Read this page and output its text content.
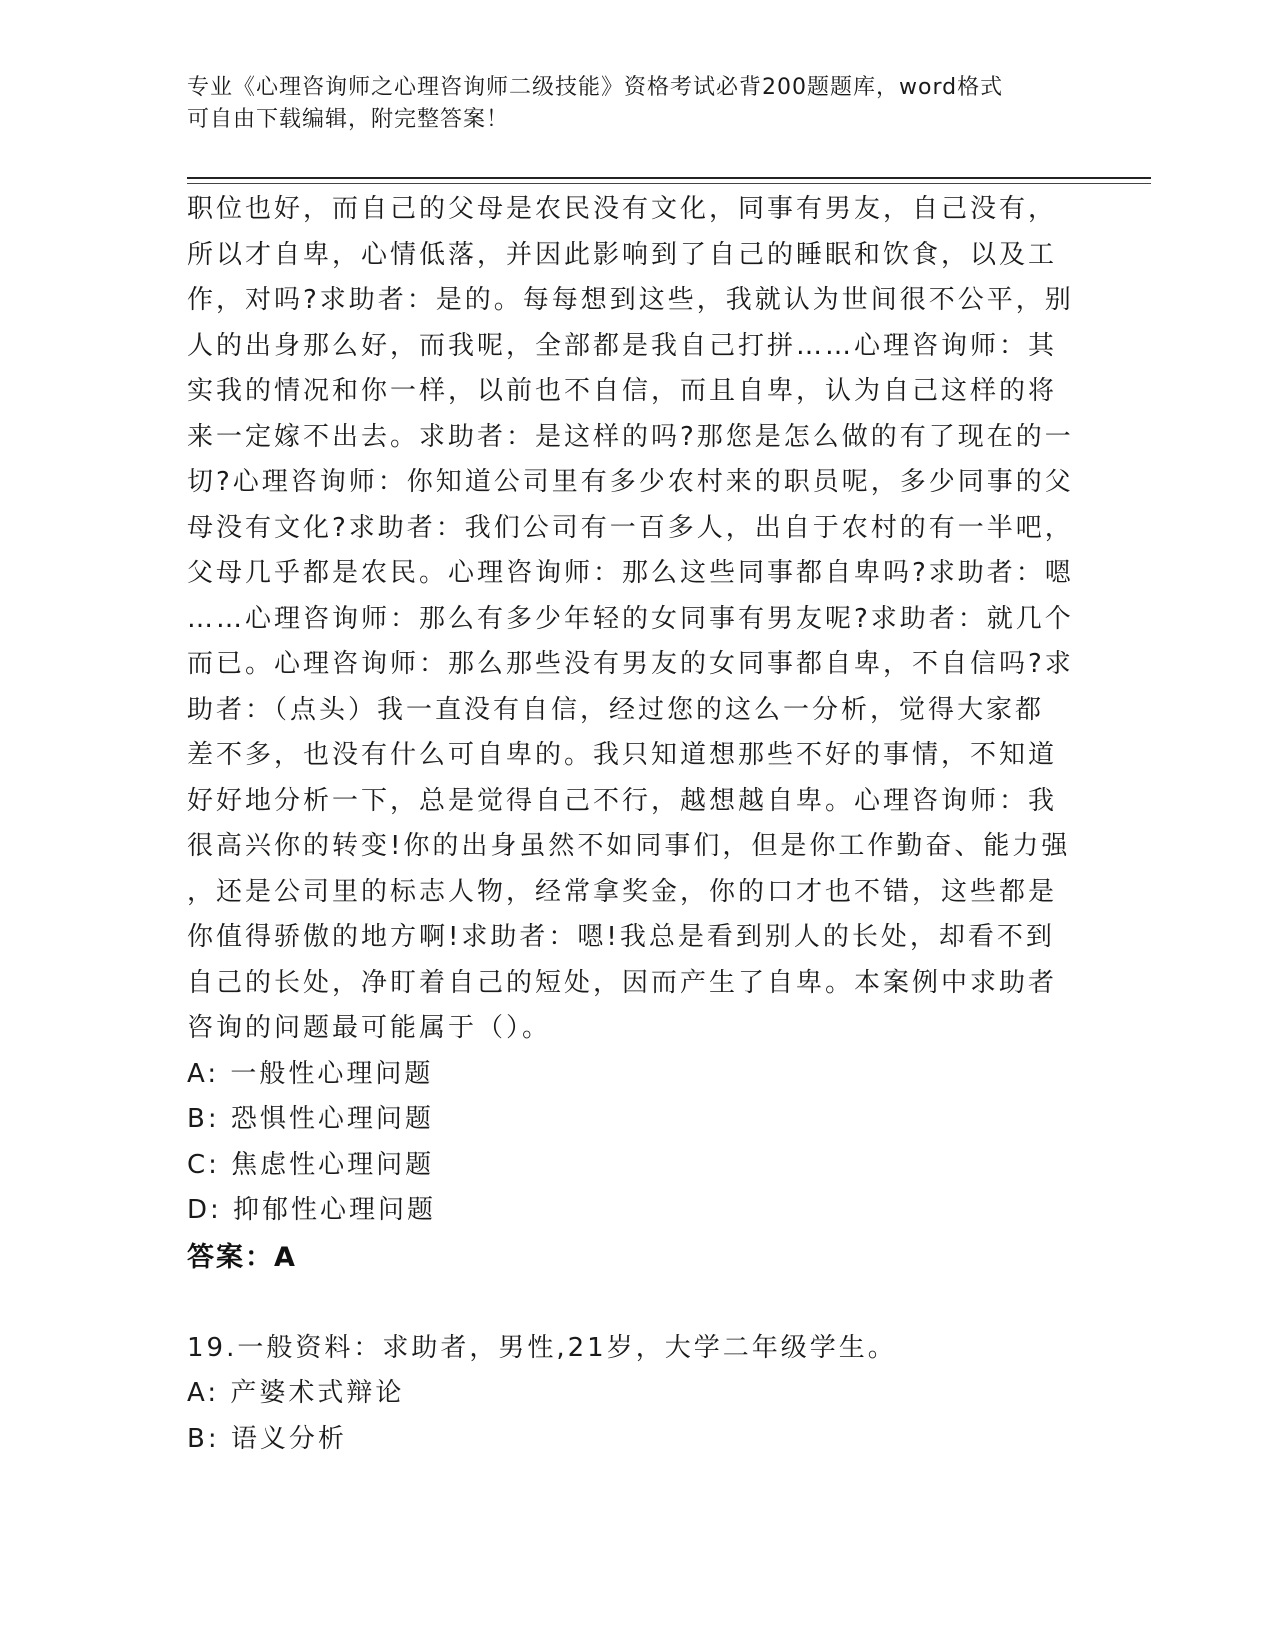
专业《心理咨询师之心理咨询师二级技能》资格考试必背200题题库，word格式
可自由下载编辑，附完整答案！
职位也好，而自己的父母是农民没有文化，同事有男友，自己没有，
所以才自卑，心情低落，并因此影响到了自己的睡眠和饮食，以及工
作，对吗?求助者：是的。每每想到这些，我就认为世间很不公平，别
人的出身那么好，而我呢，全部都是我自己打拼……心理咨询师：其
实我的情况和你一样，以前也不自信，而且自卑，认为自己这样的将
来一定嫁不出去。求助者：是这样的吗?那您是怎么做的有了现在的一
切?心理咨询师：你知道公司里有多少农村来的职员呢，多少同事的父
母没有文化?求助者：我们公司有一百多人，出自于农村的有一半吧，
父母几乎都是农民。心理咨询师：那么这些同事都自卑吗?求助者：嗯
……心理咨询师：那么有多少年轻的女同事有男友呢?求助者：就几个
而已。心理咨询师：那么那些没有男友的女同事都自卑，不自信吗?求
助者：（点头）我一直没有自信，经过您的这么一分析，觉得大家都
差不多，也没有什么可自卑的。我只知道想那些不好的事情，不知道
好好地分析一下，总是觉得自己不行，越想越自卑。心理咨询师：我
很高兴你的转变!你的出身虽然不如同事们，但是你工作勤奋、能力强
，还是公司里的标志人物，经常拿奖金，你的口才也不错，这些都是
你值得骄傲的地方啊!求助者：嗯!我总是看到别人的长处，却看不到
自己的长处，净盯着自己的短处，因而产生了自卑。本案例中求助者
咨询的问题最可能属于（）。
A: 一般性心理问题
B: 恐惧性心理问题
C: 焦虑性心理问题
D: 抑郁性心理问题
答案：A
19.一般资料：求助者，男性,21岁，大学二年级学生。
A: 产婆术式辩论
B: 语义分析
